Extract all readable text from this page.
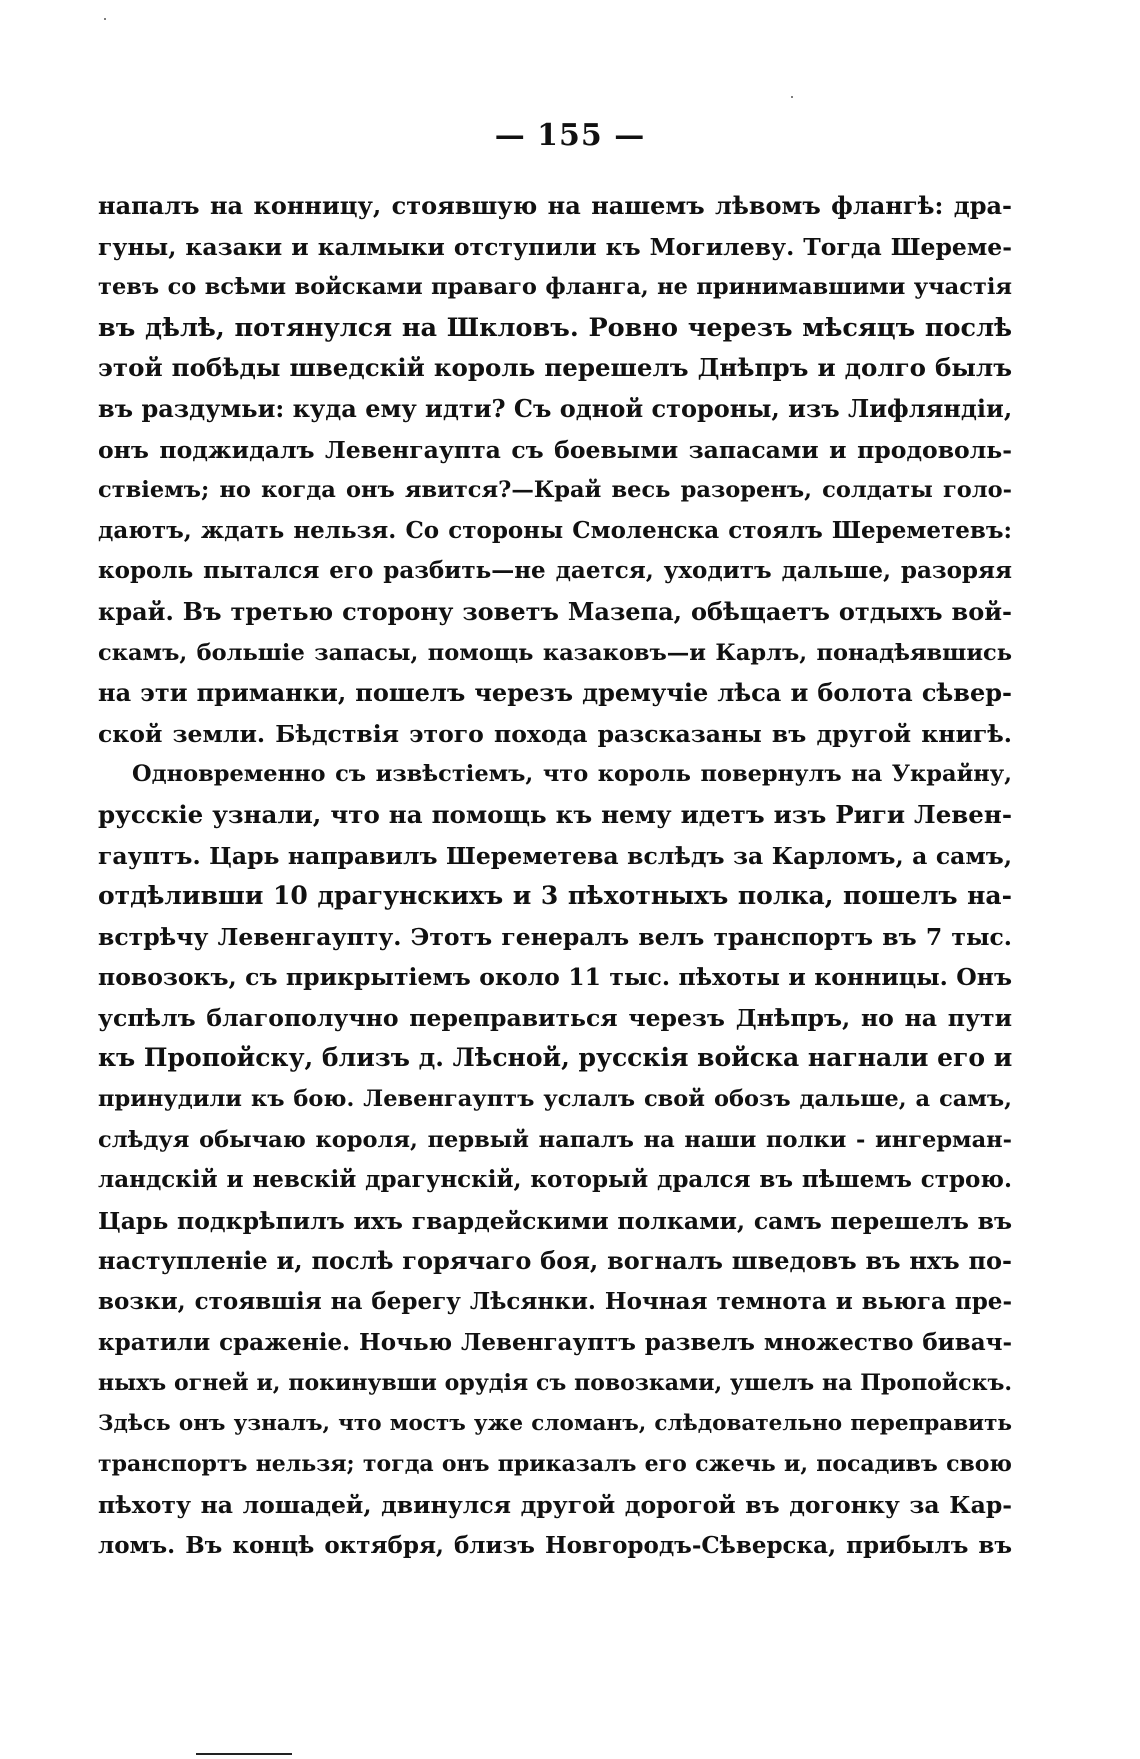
— 155 —
напалъ на конницу, стоявшую на нашемъ лѣвомъ флангѣ: дра-
гуны, казаки и калмыки отступили къ Могилеву. Тогда Шереме-
тевъ со всѣми войсками праваго фланга, не принимавшими участія
въ дѣлѣ, потянулся на Шкловъ. Ровно черезъ мѣсяцъ послѣ
этой побѣды шведскій король перешелъ Днѣпръ и долго былъ
въ раздумьи: куда ему идти? Съ одной стороны, изъ Лифляндіи,
онъ поджидалъ Левенгаупта съ боевыми запасами и продоволь-
ствіемъ; но когда онъ явится?—Край весь разоренъ, солдаты голо-
даютъ, ждать нельзя. Со стороны Смоленска стоялъ Шереметевъ:
король пытался его разбить—не дается, уходитъ дальше, разоряя
край. Въ третью сторону зоветъ Мазепа, обѣщаетъ отдыхъ вой-
скамъ, большіе запасы, помощь казаковъ—и Карлъ, понадѣявшись
на эти приманки, пошелъ черезъ дремучіе лѣса и болота сѣвер-
ской земли. Бѣдствія этого похода разсказаны въ другой книгѣ.
Одновременно съ извѣстіемъ, что король повернулъ на Украйну,
русскіе узнали, что на помощь къ нему идетъ изъ Риги Левен-
гауптъ. Царь направилъ Шереметева вслѣдъ за Карломъ, а самъ,
отдѣливши 10 драгунскихъ и 3 пѣхотныхъ полка, пошелъ на-
встрѣчу Левенгаупту. Этотъ генералъ велъ транспортъ въ 7 тыс.
повозокъ, съ прикрытіемъ около 11 тыс. пѣхоты и конницы. Онъ
успѣлъ благополучно переправиться черезъ Днѣпръ, но на пути
къ Пропойску, близъ д. Лѣсной, русскія войска нагнали его и
принудили къ бою. Левенгауптъ услалъ свой обозъ дальше, а самъ,
слѣдуя обычаю короля, первый напалъ на наши полки - ингерман-
ландскій и невскій драгунскій, который дрался въ пѣшемъ строю.
Царь подкрѣпилъ ихъ гвардейскими полками, самъ перешелъ въ
наступленіе и, послѣ горячаго боя, вогналъ шведовъ въ нхъ по-
возки, стоявшія на берегу Лѣсянки. Ночная темнота и вьюга пре-
кратили сраженіе. Ночью Левенгауптъ развелъ множество бивач-
ныхъ огней и, покинувши орудія съ повозками, ушелъ на Пропойскъ.
Здѣсь онъ узналъ, что мостъ уже сломанъ, слѣдовательно переправить
транспортъ нельзя; тогда онъ приказалъ его сжечь и, посадивъ свою
пѣхоту на лошадей, двинулся другой дорогой въ догонку за Кар-
ломъ. Въ концѣ октября, близъ Новгородъ-Сѣверска, прибылъ въ
